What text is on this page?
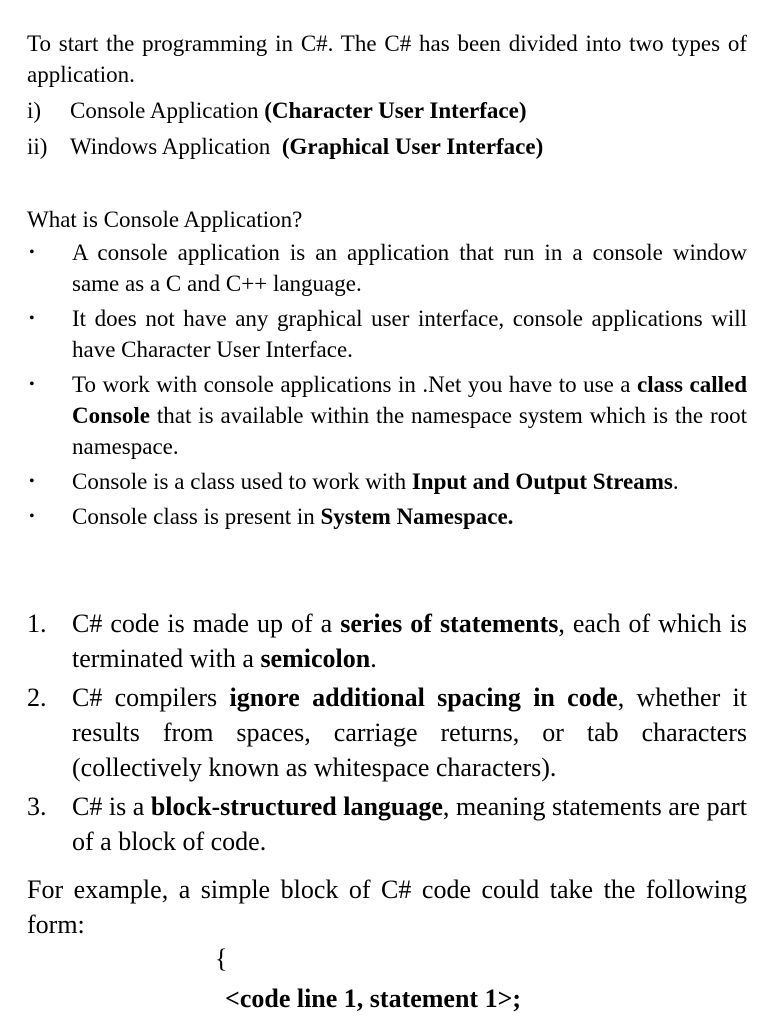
To start the programming in C#. The C# has been divided into two types of application.

i)	Console Application (Character User Interface)
ii) Windows Application  (Graphical User Interface)

What is Console Application?

•	A console application is an application that run in a console window same as a C and C++ language.
•	It does not have any graphical user interface, console applications will have Character User Interface.
•	To work with console applications in .Net you have to use a class called Console that is available within the namespace system which is the root namespace.
•	Console is a class used to work with Input and Output Streams.
•	Console class is present in System Namespace.
1. C# code is made up of a series of statements, each of which is terminated with a semicolon.
2. C# compilers ignore additional spacing in code, whether it results from spaces, carriage returns, or tab characters (collectively known as whitespace characters).
3. C# is a block-structured language, meaning statements are part of a block of code.

For example, a simple block of C# code could take the following form:

{
<code line 1, statement 1>;
